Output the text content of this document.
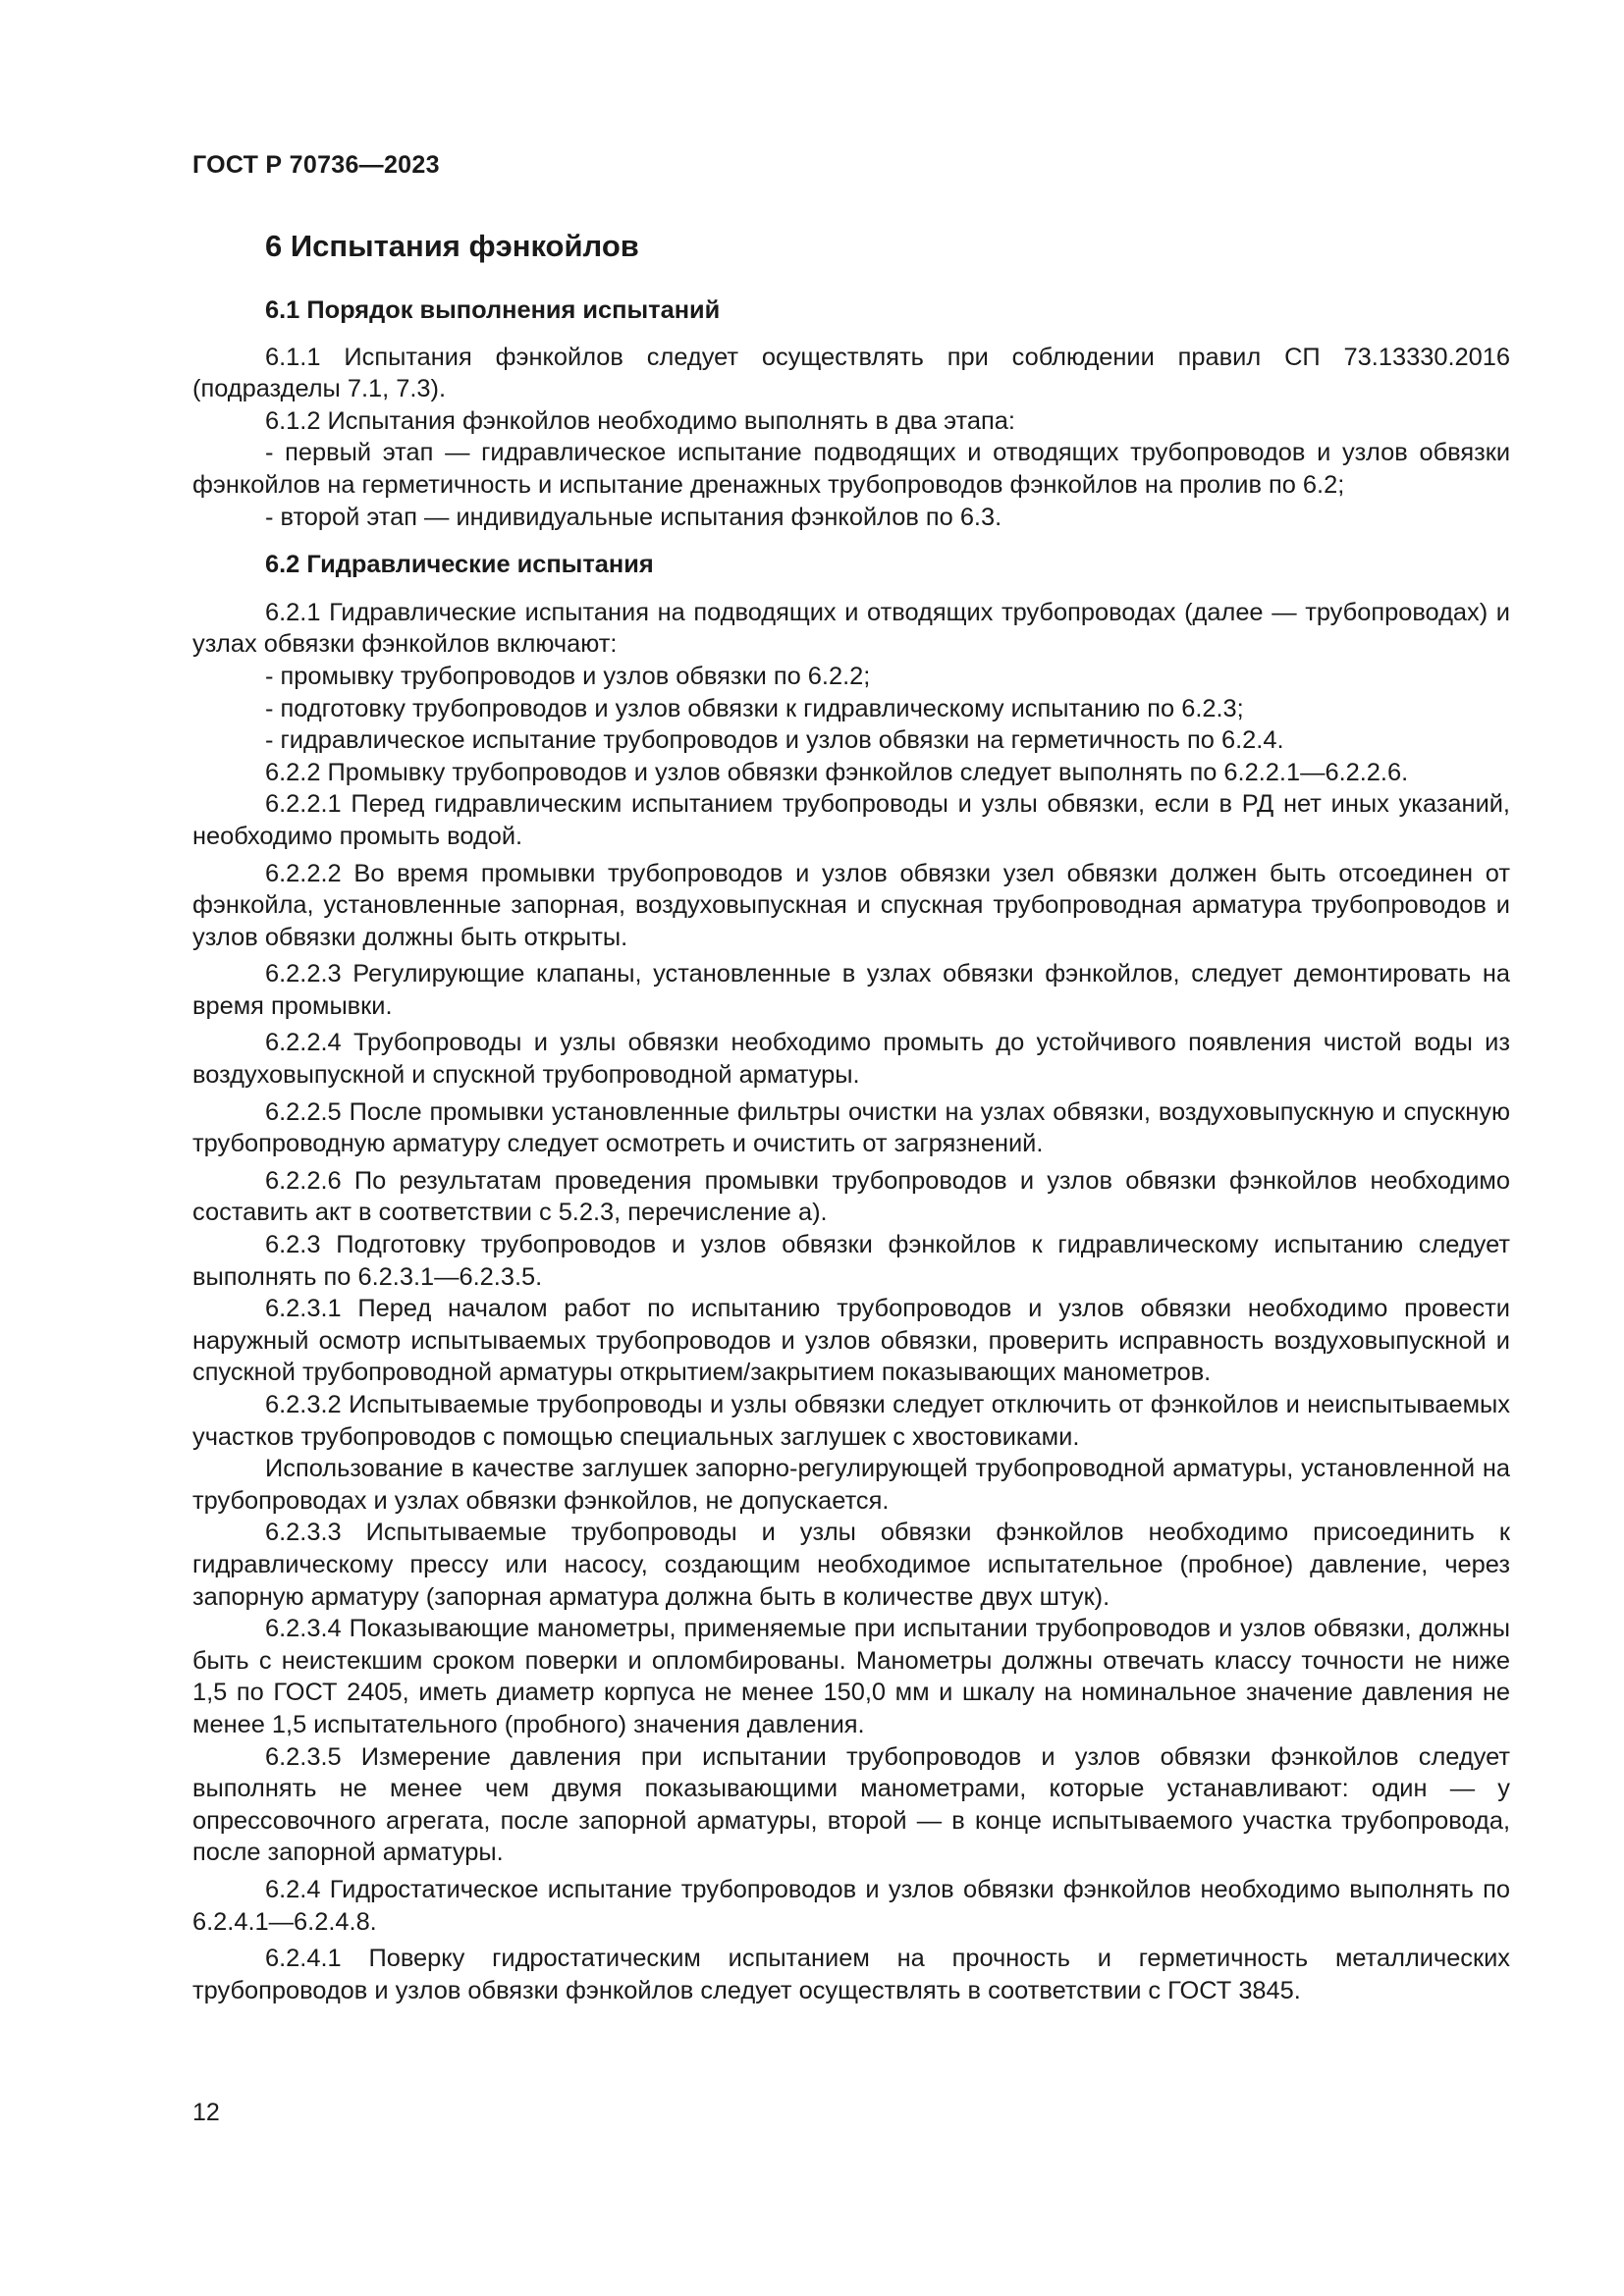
ГОСТ Р 70736—2023
6 Испытания фэнкойлов
6.1 Порядок выполнения испытаний

6.1.1 Испытания фэнкойлов следует осуществлять при соблюдении правил СП 73.13330.2016 (подразделы 7.1, 7.3).

6.1.2 Испытания фэнкойлов необходимо выполнять в два этапа:

- первый этап — гидравлическое испытание подводящих и отводящих трубопроводов и узлов обвязки фэнкойлов на герметичность и испытание дренажных трубопроводов фэнкойлов на пролив по 6.2;

- второй этап — индивидуальные испытания фэнкойлов по 6.3.

6.2 Гидравлические испытания

6.2.1 Гидравлические испытания на подводящих и отводящих трубопроводах (далее — трубопроводах) и узлах обвязки фэнкойлов включают:

- промывку трубопроводов и узлов обвязки по 6.2.2;

- подготовку трубопроводов и узлов обвязки к гидравлическому испытанию по 6.2.3;

- гидравлическое испытание трубопроводов и узлов обвязки на герметичность по 6.2.4.

6.2.2 Промывку трубопроводов и узлов обвязки фэнкойлов следует выполнять по 6.2.2.1—6.2.2.6.

6.2.2.1 Перед гидравлическим испытанием трубопроводы и узлы обвязки, если в РД нет иных указаний, необходимо промыть водой.

6.2.2.2 Во время промывки трубопроводов и узлов обвязки узел обвязки должен быть отсоединен от фэнкойла, установленные запорная, воздуховыпускная и спускная трубопроводная арматура трубопроводов и узлов обвязки должны быть открыты.

6.2.2.3 Регулирующие клапаны, установленные в узлах обвязки фэнкойлов, следует демонтировать на время промывки.

6.2.2.4 Трубопроводы и узлы обвязки необходимо промыть до устойчивого появления чистой воды из воздуховыпускной и спускной трубопроводной арматуры.

6.2.2.5 После промывки установленные фильтры очистки на узлах обвязки, воздуховыпускную и спускную трубопроводную арматуру следует осмотреть и очистить от загрязнений.

6.2.2.6 По результатам проведения промывки трубопроводов и узлов обвязки фэнкойлов необходимо составить акт в соответствии с 5.2.3, перечисление а).

6.2.3 Подготовку трубопроводов и узлов обвязки фэнкойлов к гидравлическому испытанию следует выполнять по 6.2.3.1—6.2.3.5.

6.2.3.1 Перед началом работ по испытанию трубопроводов и узлов обвязки необходимо провести наружный осмотр испытываемых трубопроводов и узлов обвязки, проверить исправность воздуховыпускной и спускной трубопроводной арматуры открытием/закрытием показывающих манометров.

6.2.3.2 Испытываемые трубопроводы и узлы обвязки следует отключить от фэнкойлов и неиспытываемых участков трубопроводов с помощью специальных заглушек с хвостовиками.

Использование в качестве заглушек запорно-регулирующей трубопроводной арматуры, установленной на трубопроводах и узлах обвязки фэнкойлов, не допускается.

6.2.3.3 Испытываемые трубопроводы и узлы обвязки фэнкойлов необходимо присоединить к гидравлическому прессу или насосу, создающим необходимое испытательное (пробное) давление, через запорную арматуру (запорная арматура должна быть в количестве двух штук).

6.2.3.4 Показывающие манометры, применяемые при испытании трубопроводов и узлов обвязки, должны быть с неистекшим сроком поверки и опломбированы. Манометры должны отвечать классу точности не ниже 1,5 по ГОСТ 2405, иметь диаметр корпуса не менее 150,0 мм и шкалу на номинальное значение давления не менее 1,5 испытательного (пробного) значения давления.

6.2.3.5 Измерение давления при испытании трубопроводов и узлов обвязки фэнкойлов следует выполнять не менее чем двумя показывающими манометрами, которые устанавливают: один — у опрессовочного агрегата, после запорной арматуры, второй — в конце испытываемого участка трубопровода, после запорной арматуры.

6.2.4 Гидростатическое испытание трубопроводов и узлов обвязки фэнкойлов необходимо выполнять по 6.2.4.1—6.2.4.8.

6.2.4.1 Поверку гидростатическим испытанием на прочность и герметичность металлических трубопроводов и узлов обвязки фэнкойлов следует осуществлять в соответствии с ГОСТ 3845.

12
